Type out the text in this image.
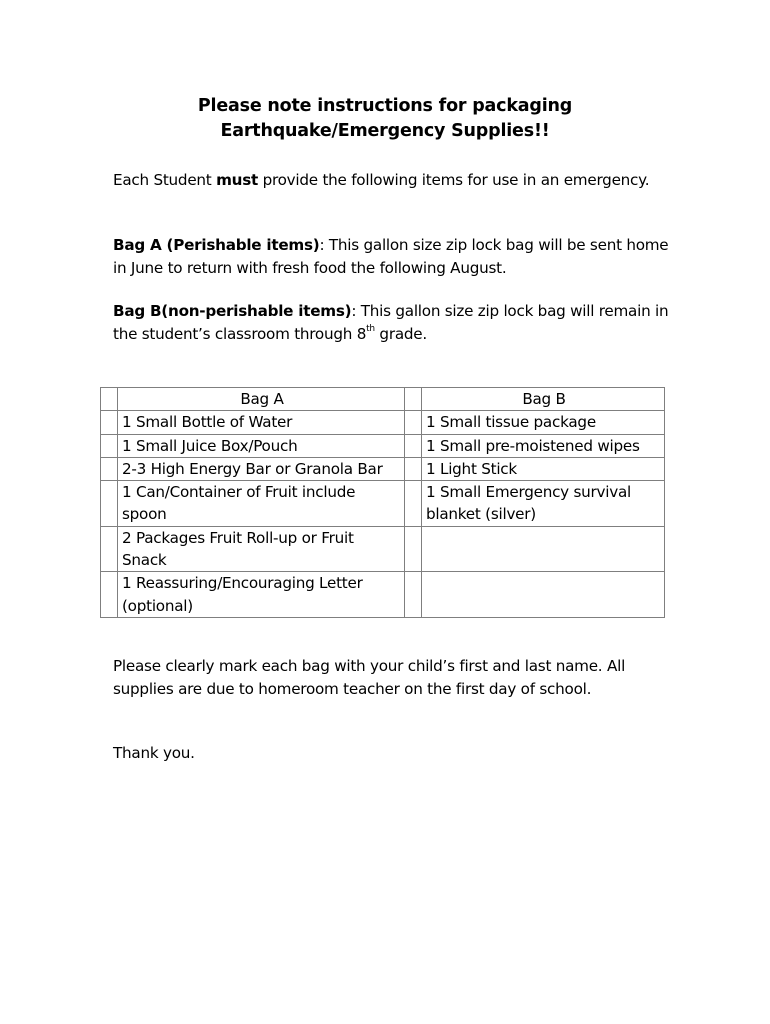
Please note instructions for packaging
Earthquake/Emergency Supplies!!
Each Student must provide the following items for use in an emergency.
Bag A (Perishable items): This gallon size zip lock bag will be sent home in June to return with fresh food the following August.
Bag B(non-perishable items): This gallon size zip lock bag will remain in the student’s classroom through 8th grade.
	Bag A		Bag B
	1 Small Bottle of Water		1 Small tissue package
	1 Small Juice Box/Pouch		1 Small pre-moistened wipes
	2-3 High Energy Bar or Granola Bar		1 Light Stick
	1 Can/Container of Fruit include spoon		1 Small Emergency survival blanket (silver)
	2 Packages Fruit Roll-up or Fruit Snack		
	1 Reassuring/Encouraging Letter (optional)		
Please clearly mark each bag with your child’s first and last name. All supplies are due to homeroom teacher on the first day of school.
Thank you.
